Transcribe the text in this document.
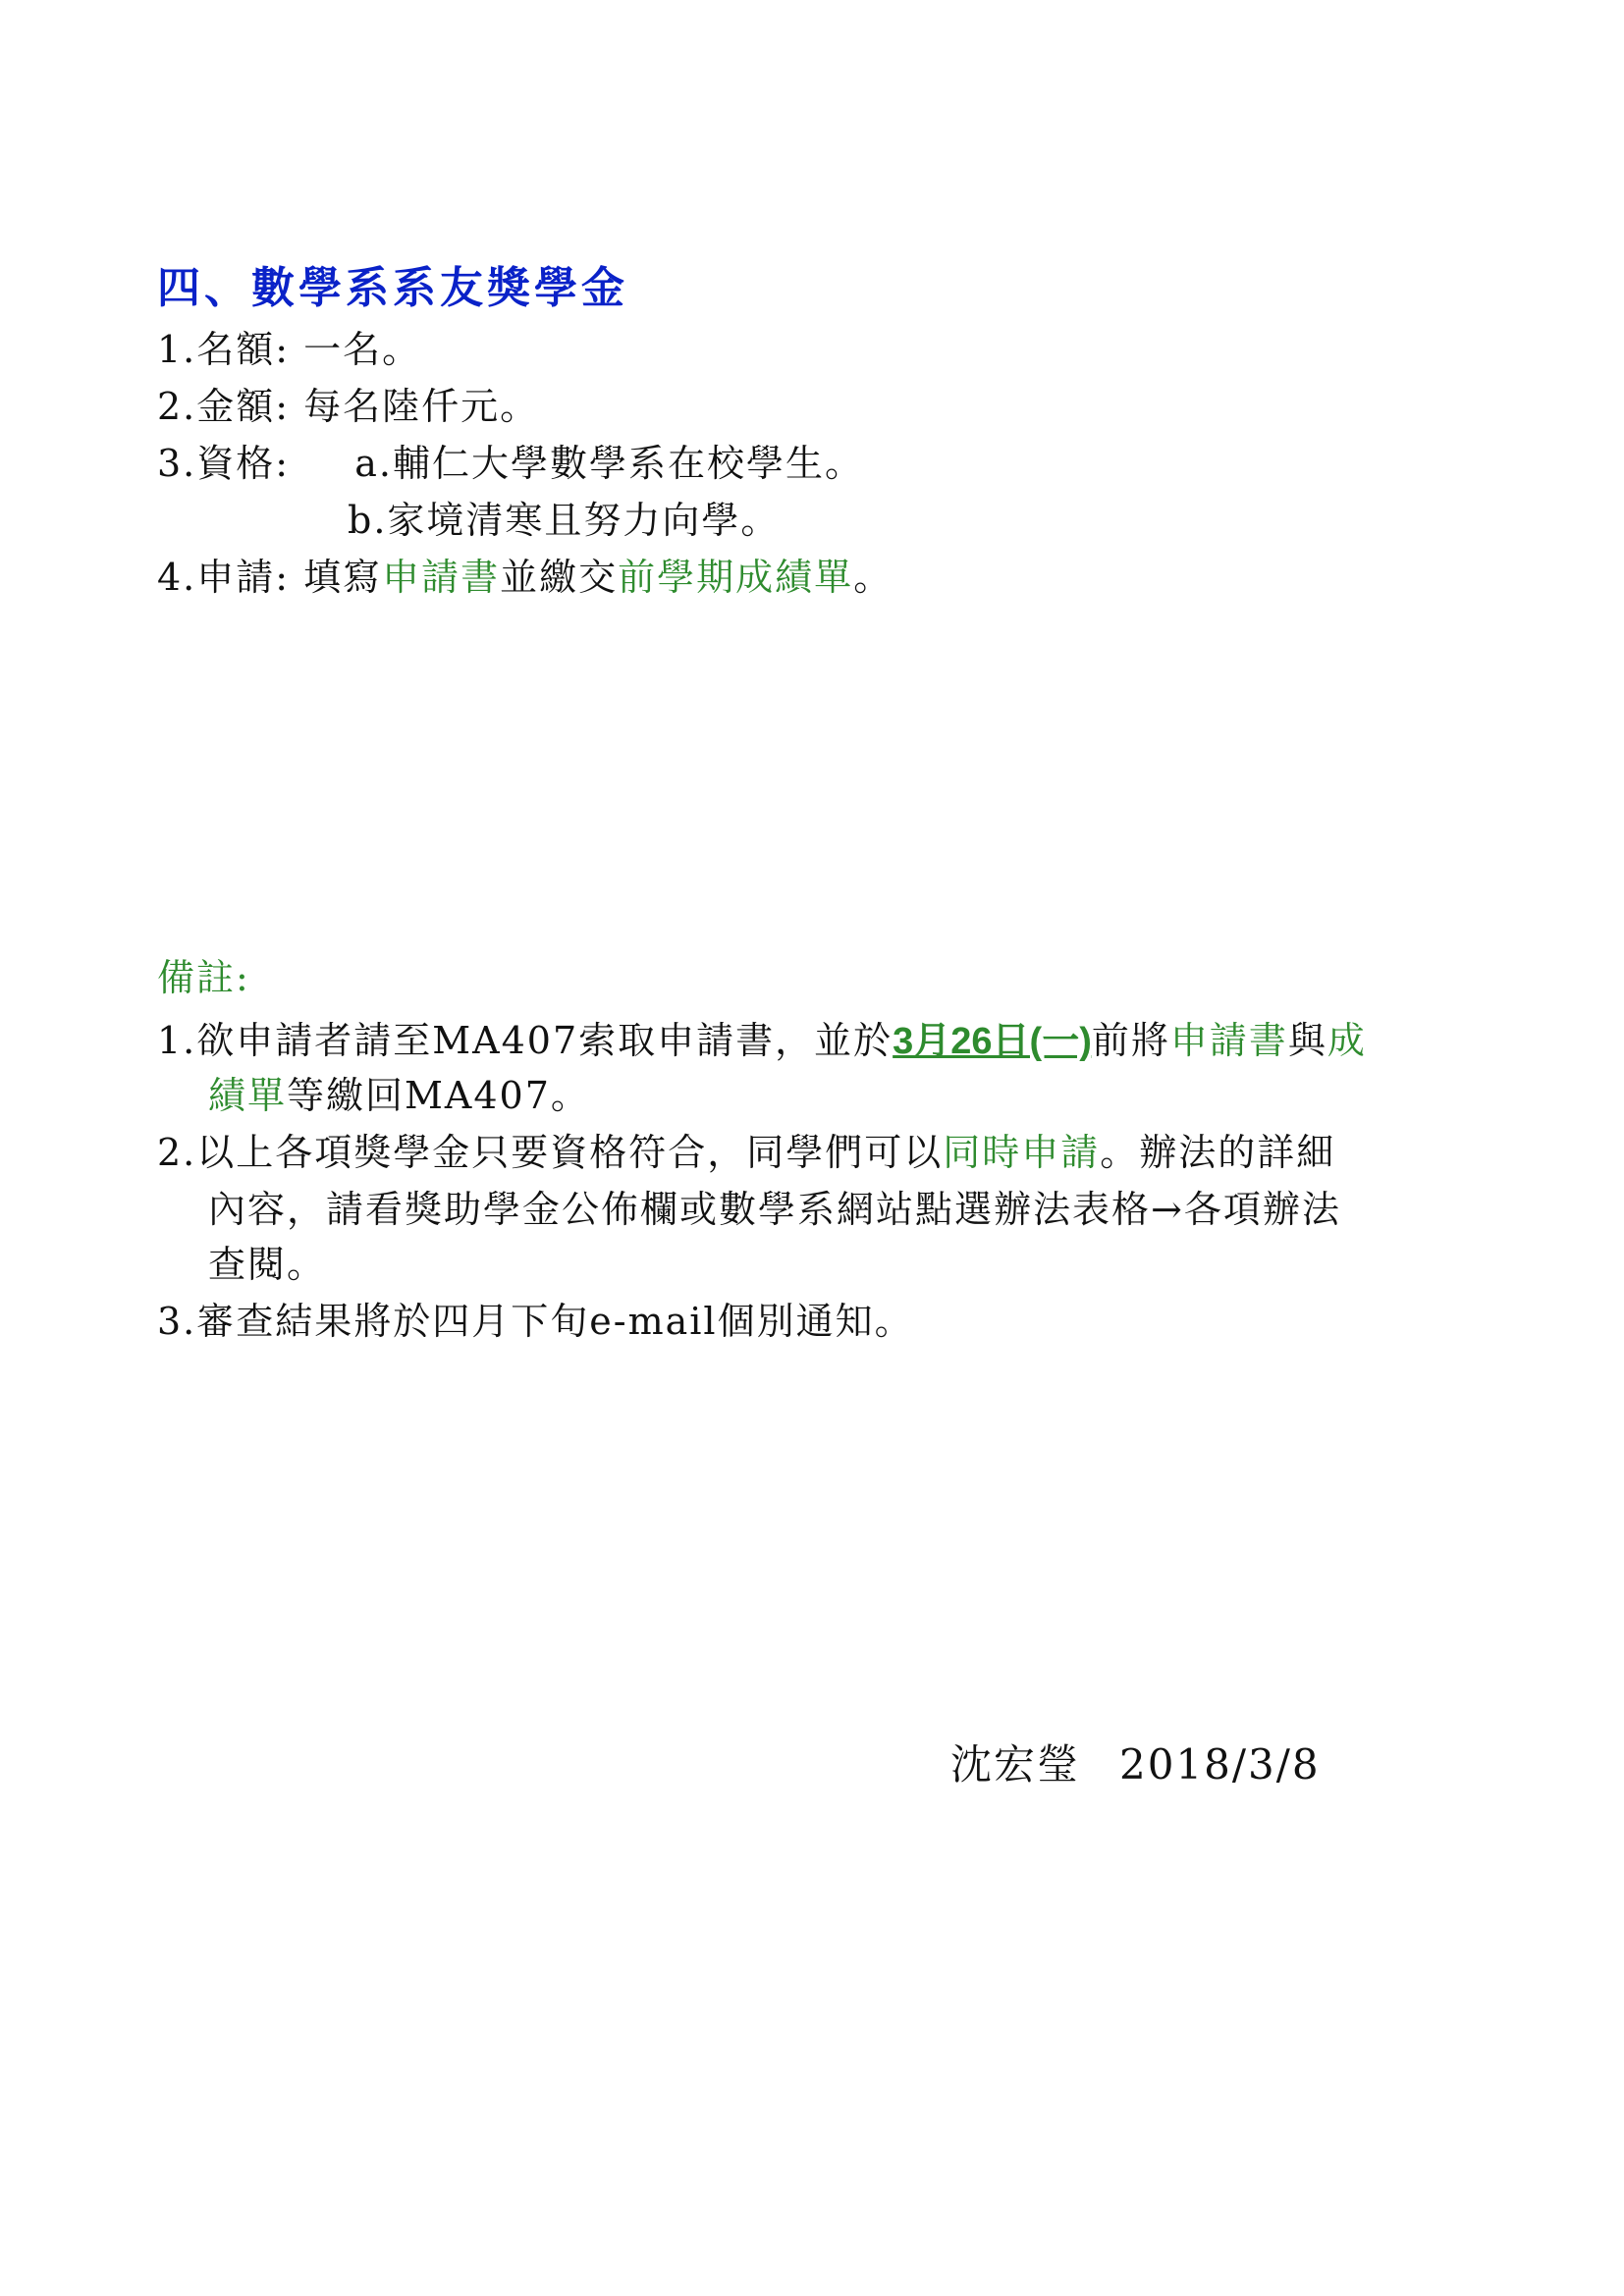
四、數學系系友獎學金
1.名額: 一名。
2.金額: 每名陸仟元。
3.資格: a.輔仁大學數學系在校學生。
b.家境清寒且努力向學。
4.申請: 填寫申請書並繳交前學期成績單。
備註:
1.欲申請者請至MA407索取申請書，並於3月26日(一)前將申請書與成
績單等繳回MA407。
2.以上各項獎學金只要資格符合，同學們可以同時申請。辦法的詳細
內容，請看獎助學金公佈欄或數學系網站點選辦法表格→各項辦法
查閱。
3.審查結果將於四月下旬e-mail個別通知。
沈宏瑩 2018/3/8
